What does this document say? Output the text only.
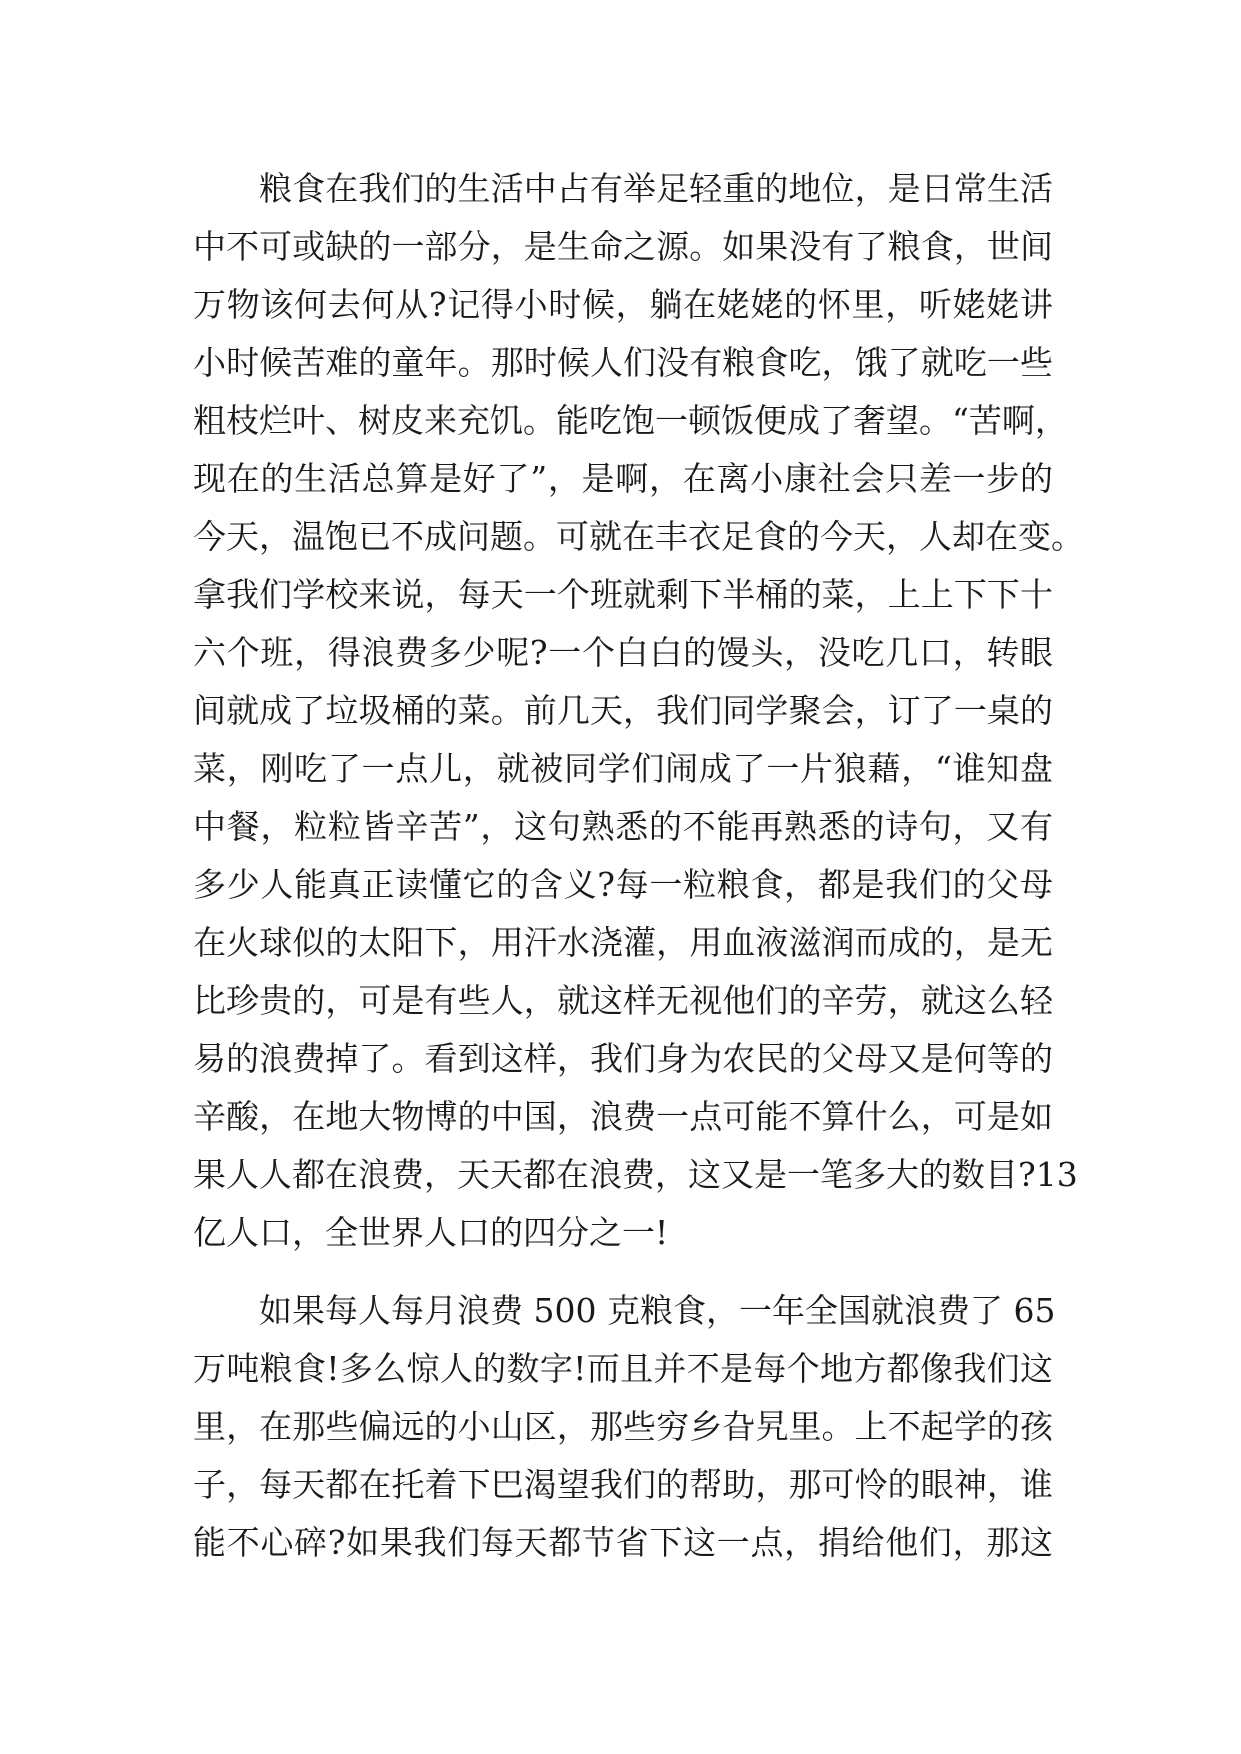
粮食在我们的生活中占有举足轻重的地位，是日常生活
中不可或缺的一部分，是生命之源。如果没有了粮食，世间
万物该何去何从?记得小时候，躺在姥姥的怀里，听姥姥讲
小时候苦难的童年。那时候人们没有粮食吃，饿了就吃一些
粗枝烂叶、树皮来充饥。能吃饱一顿饭便成了奢望。“苦啊，
现在的生活总算是好了”，是啊，在离小康社会只差一步的
今天，温饱已不成问题。可就在丰衣足食的今天，人却在变。
拿我们学校来说，每天一个班就剩下半桶的菜，上上下下十
六个班，得浪费多少呢?一个白白的馒头，没吃几口，转眼
间就成了垃圾桶的菜。前几天，我们同学聚会，订了一桌的
菜，刚吃了一点儿，就被同学们闹成了一片狼藉，“谁知盘
中餐，粒粒皆辛苦”，这句熟悉的不能再熟悉的诗句，又有
多少人能真正读懂它的含义?每一粒粮食，都是我们的父母
在火球似的太阳下，用汗水浇灌，用血液滋润而成的，是无
比珍贵的，可是有些人，就这样无视他们的辛劳，就这么轻
易的浪费掉了。看到这样，我们身为农民的父母又是何等的
辛酸，在地大物博的中国，浪费一点可能不算什么，可是如
果人人都在浪费，天天都在浪费，这又是一笔多大的数目?13
亿人口，全世界人口的四分之一!
如果每人每月浪费 500 克粮食，一年全国就浪费了 65
万吨粮食!多么惊人的数字!而且并不是每个地方都像我们这
里，在那些偏远的小山区，那些穷乡旮旯里。上不起学的孩
子，每天都在托着下巴渴望我们的帮助，那可怜的眼神，谁
能不心碎?如果我们每天都节省下这一点，捐给他们，那这
